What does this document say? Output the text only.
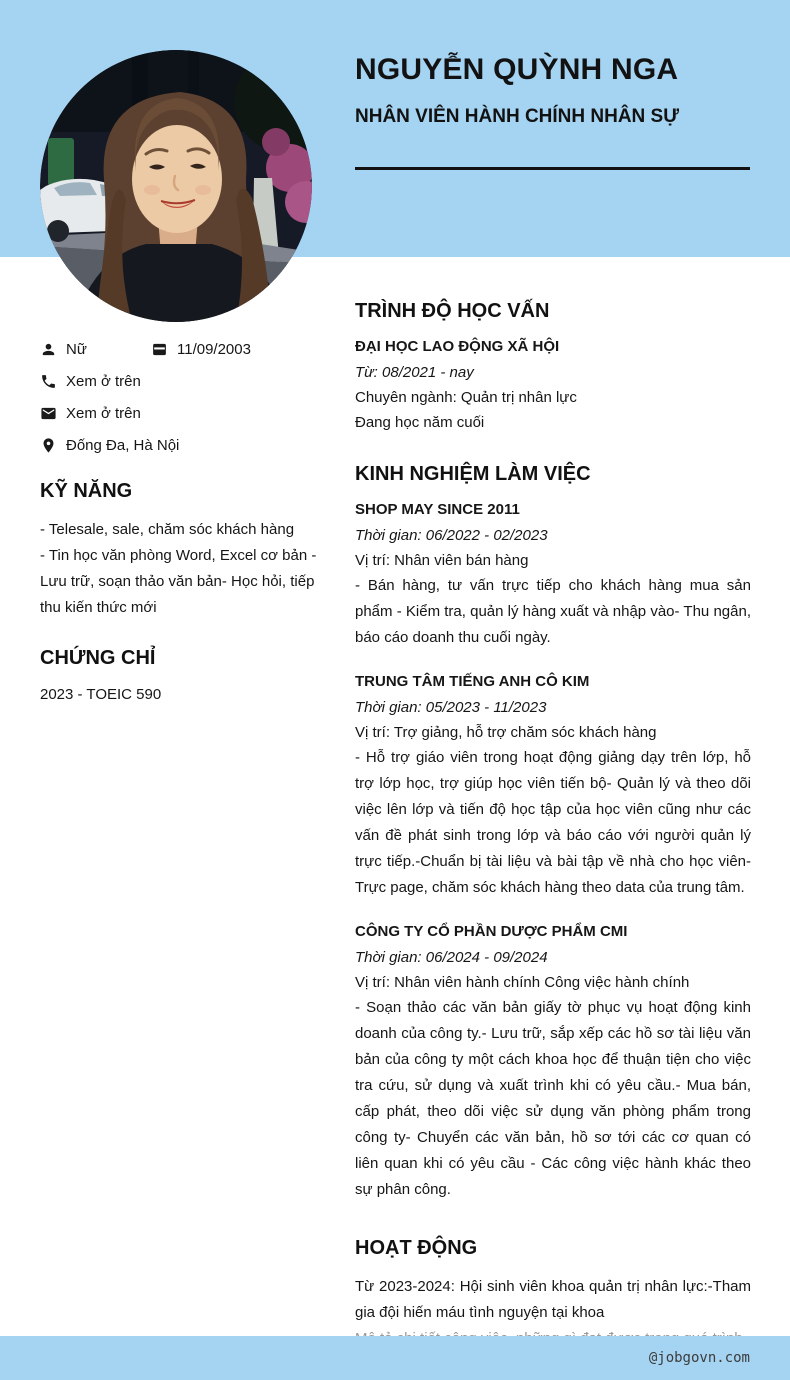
NGUYỄN QUỲNH NGA
NHÂN VIÊN HÀNH CHÍNH NHÂN SỰ
Nữ	11/09/2003
Xem ở trên
Xem ở trên
Đống Đa, Hà Nội
KỸ NĂNG

- Telesale, sale, chăm sóc khách hàng

- Tin học văn phòng Word, Excel cơ bản - Lưu trữ, soạn thảo văn bản- Học hỏi, tiếp thu kiến thức mới

CHỨNG CHỈ

2023 - TOEIC 590

TRÌNH ĐỘ HỌC VẤN
ĐẠI HỌC LAO ĐỘNG XÃ HỘI
Từ: 08/2021 - nay
Chuyên ngành: Quản trị nhân lực
Đang học năm cuối
KINH NGHIỆM LÀM VIỆC
SHOP MAY SINCE 2011
Thời gian: 06/2022 - 02/2023
Vị trí: Nhân viên bán hàng
- Bán hàng, tư vấn trực tiếp cho khách hàng mua sản phẩm - Kiểm tra, quản lý hàng xuất và nhập vào- Thu ngân, báo cáo doanh thu cuối ngày.
TRUNG TÂM TIẾNG ANH CÔ KIM
Thời gian: 05/2023 - 11/2023
Vị trí: Trợ giảng, hỗ trợ chăm sóc khách hàng
- Hỗ trợ giáo viên trong hoạt động giảng dạy trên lớp, hỗ trợ lớp học, trợ giúp học viên tiến bộ- Quản lý và theo dõi việc lên lớp và tiến độ học tập của học viên cũng như các vấn đề phát sinh trong lớp và báo cáo với người quản lý trực tiếp.-Chuẩn bị tài liệu và bài tập về nhà cho học viên- Trực page, chăm sóc khách hàng theo data của trung tâm.
CÔNG TY CỔ PHẦN DƯỢC PHẨM CMI
Thời gian: 06/2024 - 09/2024
Vị trí: Nhân viên hành chính Công việc hành chính
- Soạn thảo các văn bản giấy tờ phục vụ hoạt động kinh doanh của công ty.- Lưu trữ, sắp xếp các hồ sơ tài liệu văn bản của công ty một cách khoa học để thuận tiện cho việc tra cứu, sử dụng và xuất trình khi có yêu cầu.- Mua bán, cấp phát, theo dõi việc sử dụng văn phòng phẩm trong công ty- Chuyển các văn bản, hồ sơ tới các cơ quan có liên quan khi có yêu cầu - Các công việc hành khác theo sự phân công.
HOẠT ĐỘNG

Từ 2023-2024: Hội sinh viên khoa quản trị nhân lực:-Tham gia đội hiến máu tình nguyện tại khoa

@jobgovn.com
